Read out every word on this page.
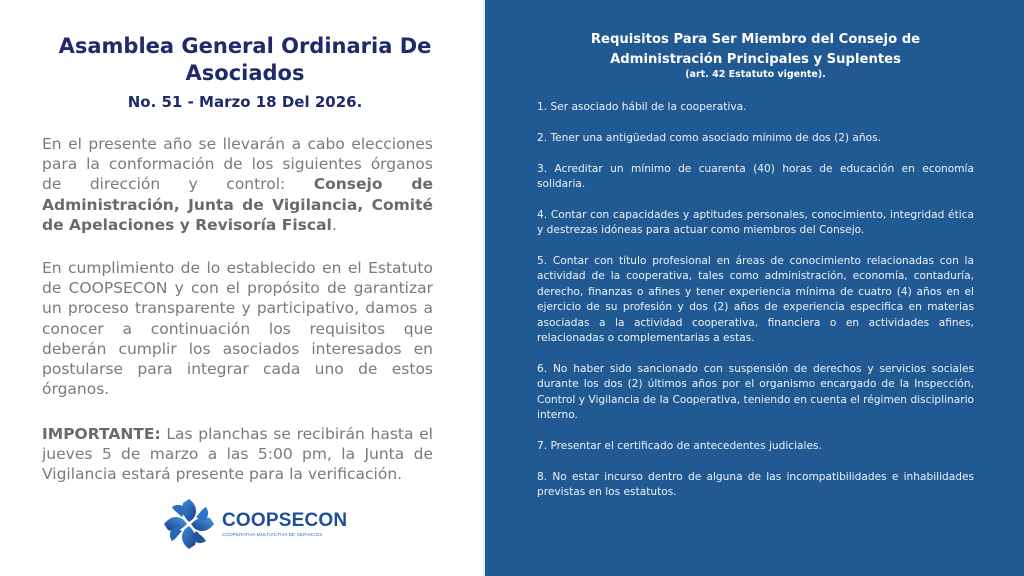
Asamblea General Ordinaria De Asociados
No. 51 - Marzo 18 Del 2026.

En el presente año se llevarán a cabo elecciones para la conformación de los siguientes órganos de dirección y control: Consejo de Administración, Junta de Vigilancia, Comité de Apelaciones y Revisoría Fiscal.

En cumplimiento de lo establecido en el Estatuto de COOPSECON y con el propósito de garantizar un proceso transparente y participativo, damos a conocer a continuación los requisitos que deberán cumplir los asociados interesados en postularse para integrar cada uno de estos órganos.

IMPORTANTE: Las planchas se recibirán hasta el jueves 5 de marzo a las 5:00 pm, la Junta de Vigilancia estará presente para la verificación.

COOPSECON
COOPERATIVA MULTIACTIVA DE SERVICIOS
Requisitos Para Ser Miembro del Consejo de
Administración Principales y Suplentes
(art. 42 Estatuto vigente).
1. Ser asociado hábil de la cooperativa.
2. Tener una antigüedad como asociado mínimo de dos (2) años.
3. Acreditar un mínimo de cuarenta (40) horas de educación en economía solidaria.
4. Contar con capacidades y aptitudes personales, conocimiento, integridad ética y destrezas idóneas para actuar como miembros del Consejo.
5. Contar con título profesional en áreas de conocimiento relacionadas con la actividad de la cooperativa, tales como administración, economía, contaduría, derecho, finanzas o afines y tener experiencia mínima de cuatro (4) años en el ejercicio de su profesión y dos (2) años de experiencia especifica en materias asociadas a la actividad cooperativa, financiera o en actividades afines, relacionadas o complementarias a estas.
6. No haber sido sancionado con suspensión de derechos y servicios sociales durante los dos (2) últimos años por el organismo encargado de la Inspección, Control y Vigilancia de la Cooperativa, teniendo en cuenta el régimen disciplinario interno.
7. Presentar el certificado de antecedentes judiciales.
8. No estar incurso dentro de alguna de las incompatibilidades e inhabilidades previstas en los estatutos.
